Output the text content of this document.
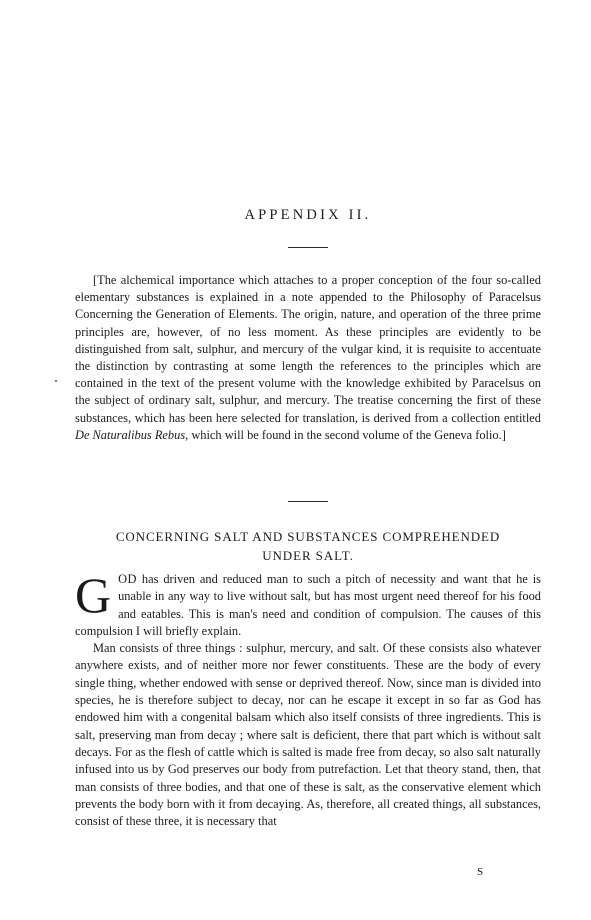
APPENDIX II.

[The alchemical importance which attaches to a proper conception of the four so-called elementary substances is explained in a note appended to the Philosophy of Paracelsus Concerning the Generation of Elements. The origin, nature, and operation of the three prime principles are, however, of no less moment. As these principles are evidently to be distinguished from salt, sulphur, and mercury of the vulgar kind, it is requisite to accentuate the distinction by contrasting at some length the references to the principles which are contained in the text of the present volume with the knowledge exhibited by Paracelsus on the subject of ordinary salt, sulphur, and mercury. The treatise concerning the first of these substances, which has been here selected for translation, is derived from a collection entitled De Naturalibus Rebus, which will be found in the second volume of the Geneva folio.]

CONCERNING SALT AND SUBSTANCES COMPREHENDED
UNDER SALT.

GOD has driven and reduced man to such a pitch of necessity and want that he is unable in any way to live without salt, but has most urgent need thereof for his food and eatables. This is man's need and condition of compulsion. The causes of this compulsion I will briefly explain.

Man consists of three things : sulphur, mercury, and salt. Of these consists also whatever anywhere exists, and of neither more nor fewer constituents. These are the body of every single thing, whether endowed with sense or deprived thereof. Now, since man is divided into species, he is therefore subject to decay, nor can he escape it except in so far as God has endowed him with a congenital balsam which also itself consists of three ingredients. This is salt, preserving man from decay ; where salt is deficient, there that part which is without salt decays. For as the flesh of cattle which is salted is made free from decay, so also salt naturally infused into us by God preserves our body from putrefaction. Let that theory stand, then, that man consists of three bodies, and that one of these is salt, as the conservative element which prevents the body born with it from decaying. As, therefore, all created things, all substances, consist of these three, it is necessary that

S
